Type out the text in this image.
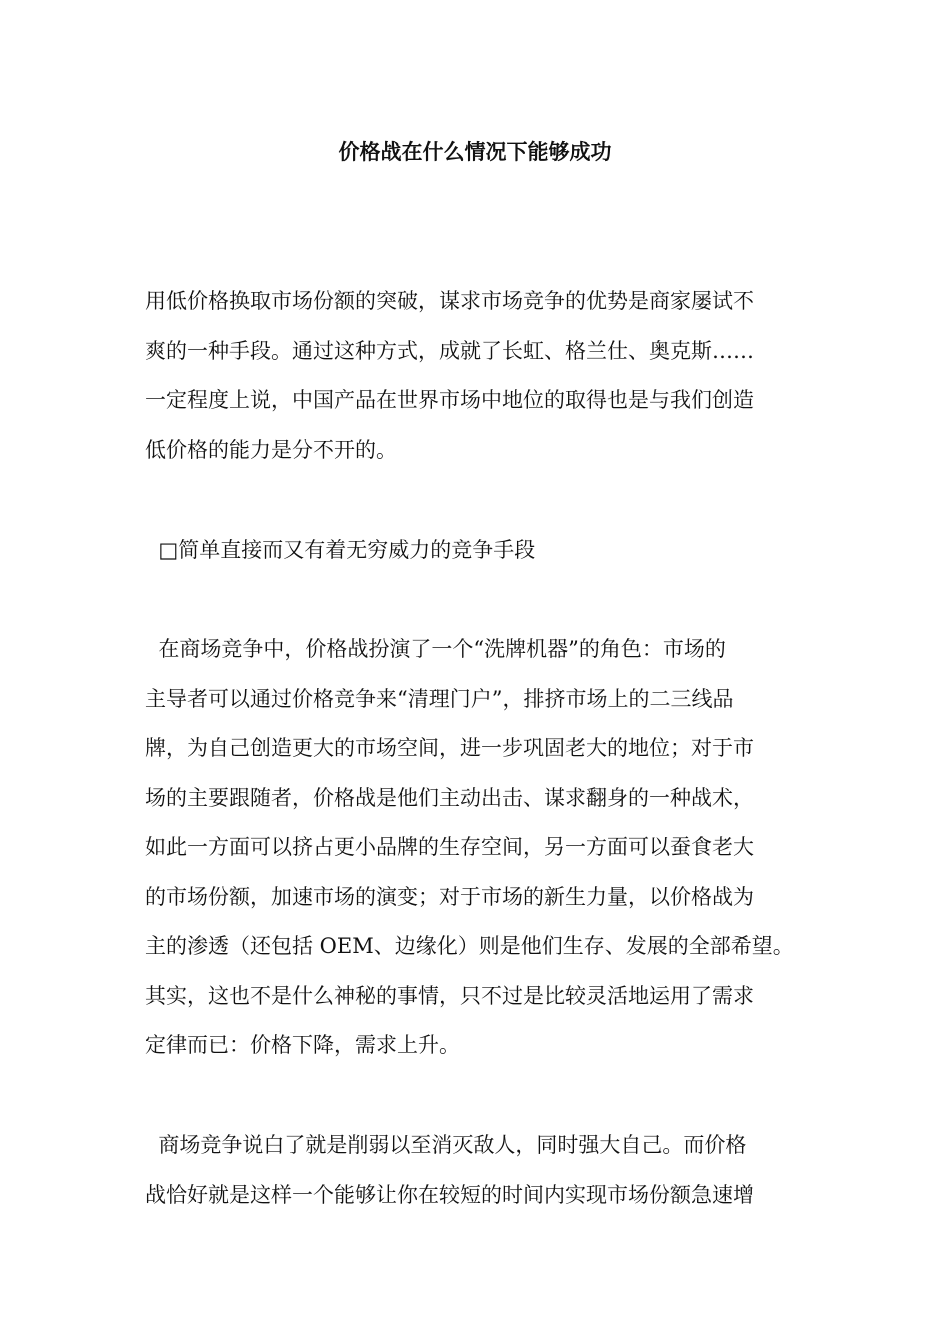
价格战在什么情况下能够成功
用低价格换取市场份额的突破，谋求市场竞争的优势是商家屡试不
爽的一种手段。通过这种方式，成就了长虹、格兰仕、奥克斯……
一定程度上说，中国产品在世界市场中地位的取得也是与我们创造
低价格的能力是分不开的。
□简单直接而又有着无穷威力的竞争手段
在商场竞争中，价格战扮演了一个“洗牌机器”的角色：市场的
主导者可以通过价格竞争来“清理门户”，排挤市场上的二三线品
牌，为自己创造更大的市场空间，进一步巩固老大的地位；对于市
场的主要跟随者，价格战是他们主动出击、谋求翻身的一种战术，
如此一方面可以挤占更小品牌的生存空间，另一方面可以蚕食老大
的市场份额，加速市场的演变；对于市场的新生力量，以价格战为
主的渗透（还包括 OEM、边缘化）则是他们生存、发展的全部希望。
其实，这也不是什么神秘的事情，只不过是比较灵活地运用了需求
定律而已：价格下降，需求上升。
商场竞争说白了就是削弱以至消灭敌人，同时强大自己。而价格
战恰好就是这样一个能够让你在较短的时间内实现市场份额急速增
